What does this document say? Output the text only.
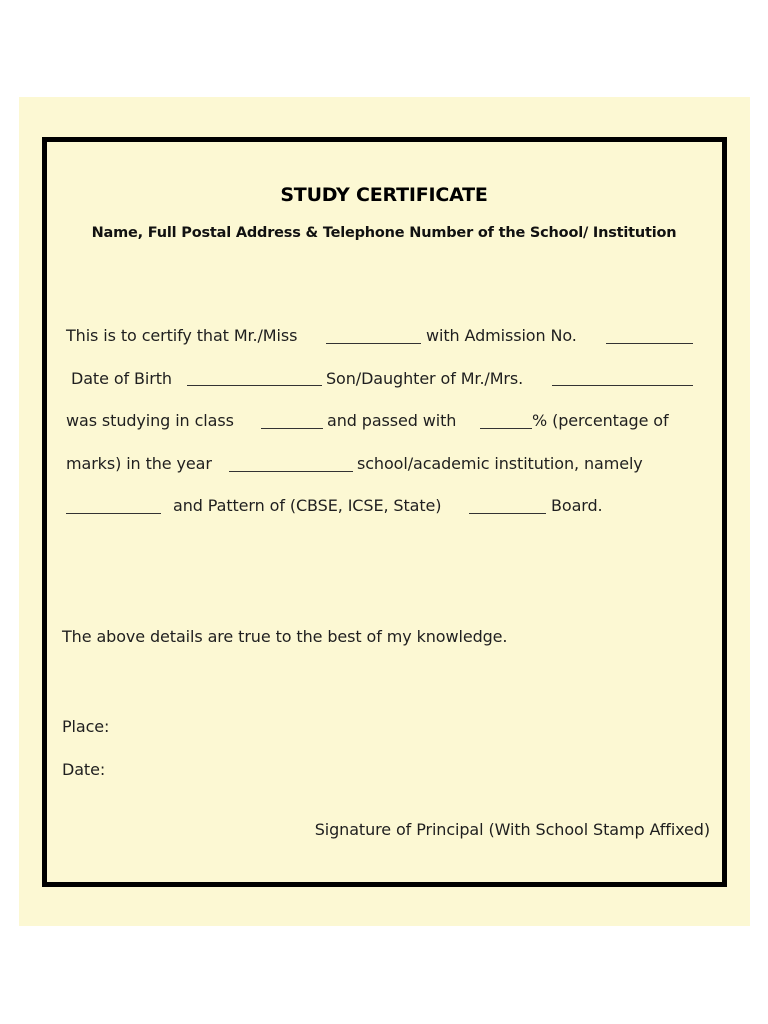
STUDY CERTIFICATE
Name, Full Postal Address & Telephone Number of the School/ Institution
This is to certify that Mr./Miss	with Admission No.
Date of Birth	Son/Daughter of Mr./Mrs.
was studying in class	and passed with	% (percentage of
marks) in the year	school/academic institution, namely
and Pattern of (CBSE, ICSE, State)	Board.
The above details are true to the best of my knowledge.
Place:
Date:
Signature of Principal (With School Stamp Affixed)
